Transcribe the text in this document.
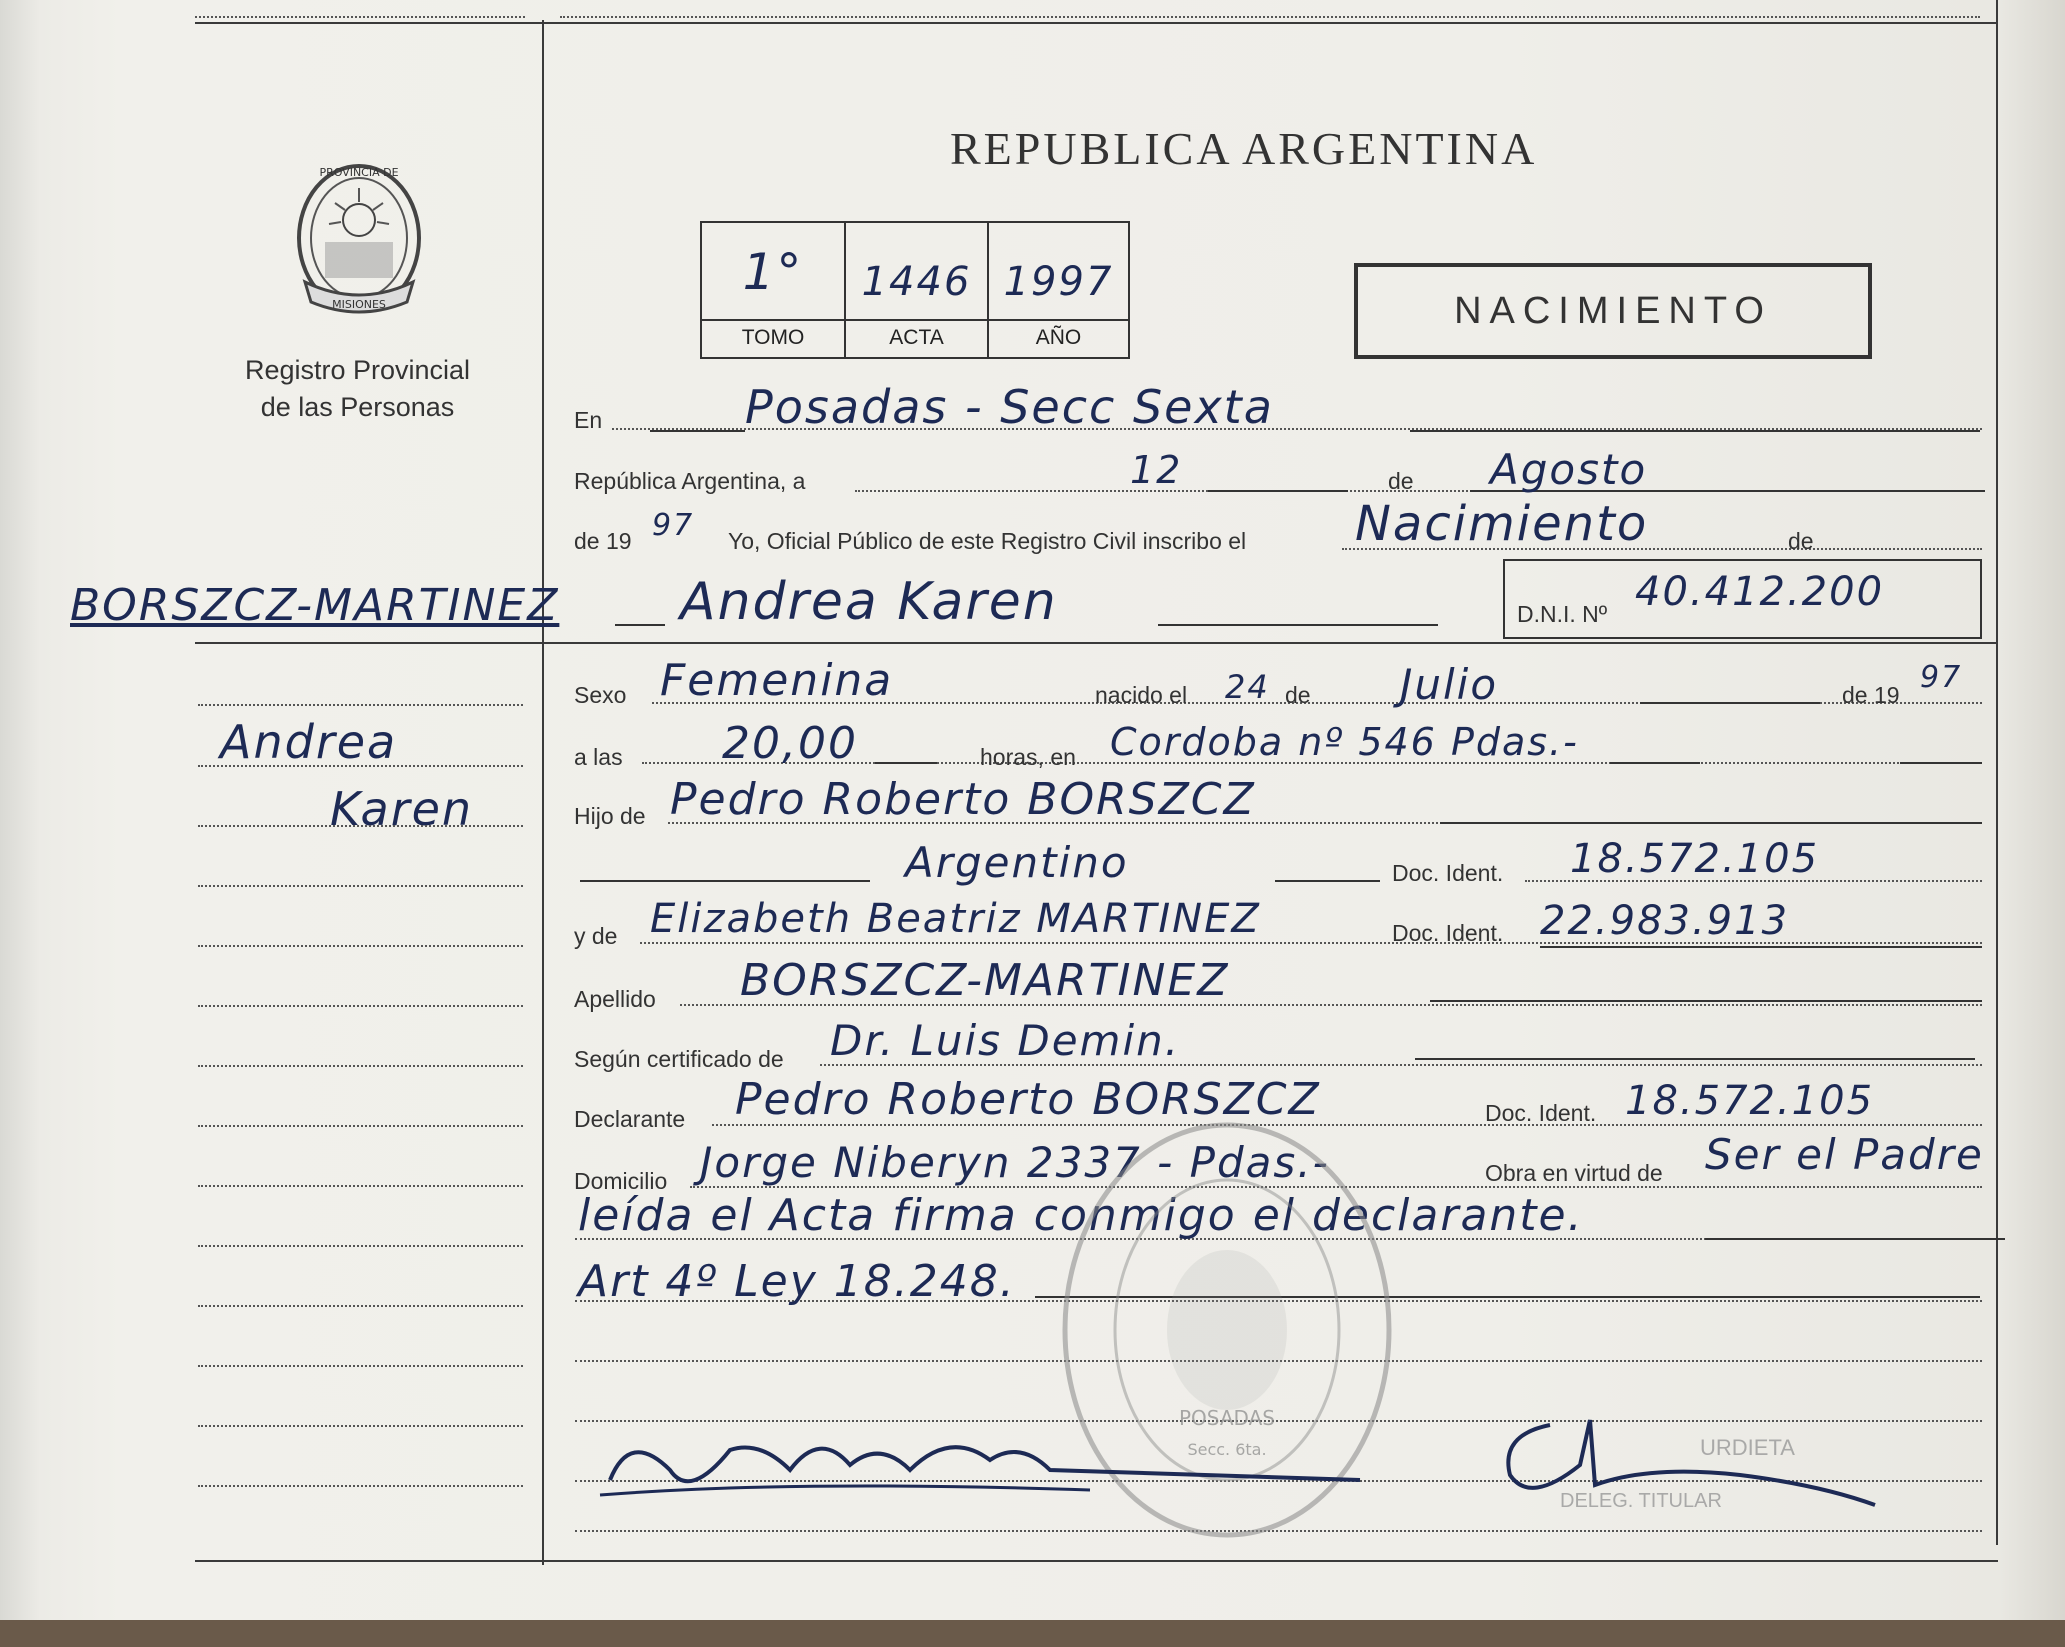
MISIONES
PROVINCIA DE
Registro Provincial
de las Personas
REPUBLICA ARGENTINA
1°	1446 1997
TOMO	ACTA	AÑO
NACIMIENTO
En	Posadas - Secc Sexta
República Argentina, a	12	de Agosto
de 19 97 Yo, Oficial Público de este Registro Civil inscribo el Nacimiento	de
D.N.I. Nº 40.412.200
BORSZCZ-MARTINEZ Andrea Karen
Andrea
Karen
Sexo Femenina	nacido el 24 de Julio	de 19 97
a las 20,00	horas, en Cordoba nº 546 Pdas.-
Hijo de Pedro Roberto BORSZCZ
Argentino	Doc. Ident. 18.572.105
y de Elizabeth Beatriz MARTINEZ	Doc. Ident. 22.983.913
Apellido BORSZCZ-MARTINEZ
Según certificado de Dr. Luis Demin.
Declarante Pedro Roberto BORSZCZ	Doc. Ident. 18.572.105
Domicilio Jorge Niberyn 2337 - Pdas.-	Obra en virtud de Ser el Padre
leída el Acta firma conmigo el declarante.
Art 4º Ley 18.248.
POSADAS
Secc. 6ta.	URDIETA
DELEG. TITULAR
